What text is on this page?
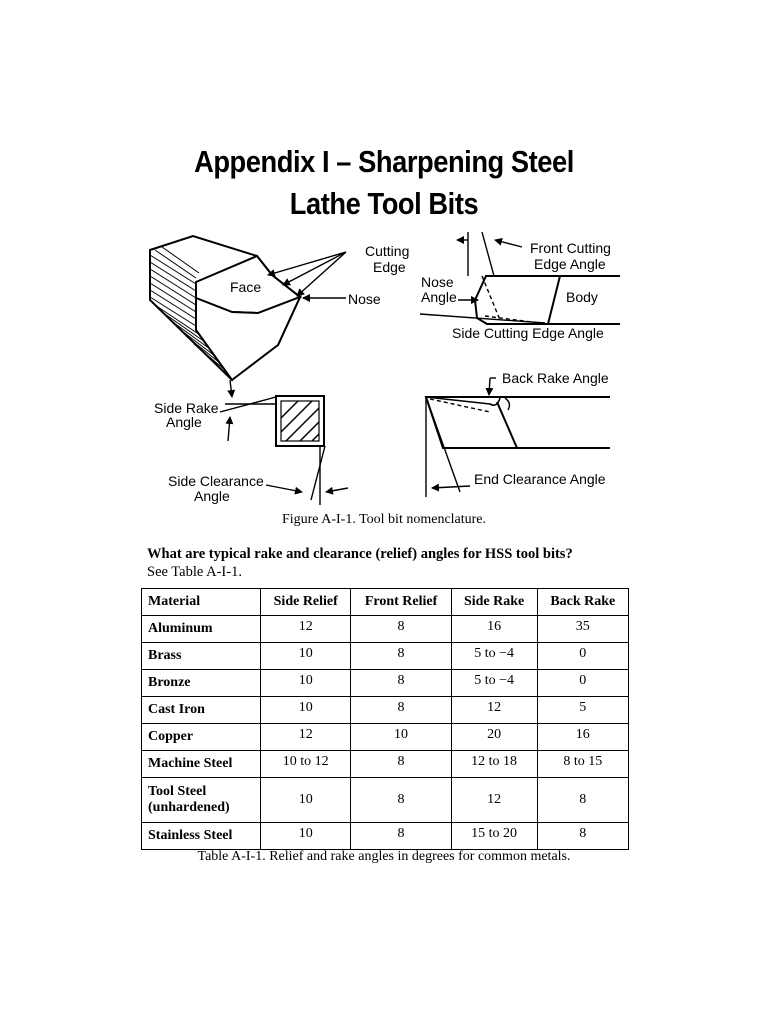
Appendix I – Sharpening Steel
Lathe Tool Bits
Cutting
Edge
Face
Nose
Front Cutting
Edge Angle
Nose
Angle	Body
Side Cutting Edge Angle
Side Rake
Angle
Side Clearance
Angle
Back Rake Angle
End Clearance Angle
Figure A-I-1. Tool bit nomenclature.
What are typical rake and clearance (relief) angles for HSS tool bits?
See Table A-I-1.
Material	Side Relief	Front Relief	Side Rake	Back Rake
Aluminum	12	8	16	35
Brass	10	8	5 to −4	0
Bronze	10	8	5 to −4	0
Cast Iron	10	8	12	5
Copper	12	10	20	16
Machine Steel	10 to 12	8	12 to 18	8 to 15
Tool Steel
(unhardened)	10	8	12	8
Stainless Steel	10	8	15 to 20	8
Table A-I-1. Relief and rake angles in degrees for common metals.
